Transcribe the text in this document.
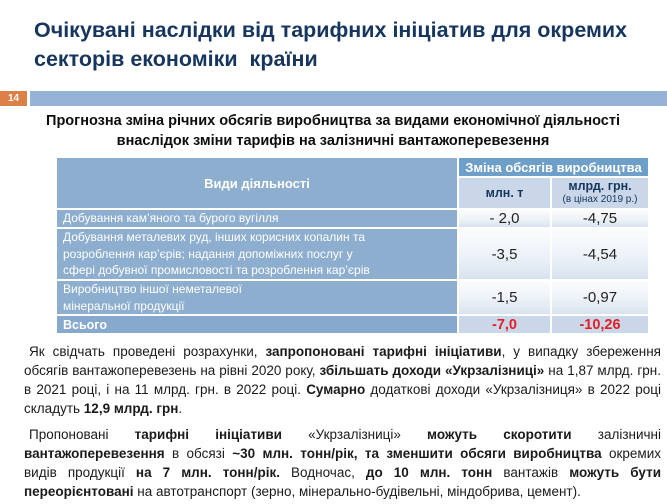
Очікувані наслідки від тарифних ініціатив для окремих
секторів економіки  країни
14
Прогнозна зміна річних обсягів виробництва за видами економічної діяльності
внаслідок зміни тарифів на залізничні вантажоперевезення
Види діяльності
Зміна обсягів виробництва
млн. т	млрд. грн.
(в цінах 2019 р.)
Добування кам’яного та бурого вугілля	- 2,0	-4,75
Добування металевих руд, інших корисних копалин та
розроблення кар’єрів; надання допоміжних послуг у
сфері добувної промисловості та розроблення кар’єрів
-3,5	-4,54
Виробництво іншої неметалевої
мінеральної продукції	-1,5	-0,97
Всього	-7,0	-10,26

Як свідчать проведені розрахунки, запропоновані тарифні ініціативи, у випадку збереження обсягів вантажоперевезень на рівні 2020 року, збільшать доходи «Укрзалізниці» на 1,87 млрд. грн. в 2021 році, і на 11 млрд. грн. в 2022 році. Сумарно додаткові доходи «Укрзалізниця» в 2022 році складуть 12,9 млрд. грн.

Пропоновані тарифні ініціативи «Укрзалізниці» можуть скоротити залізничні вантажоперевезення в обсязі ~30 млн. тонн/рік, та зменшити обсяги виробництва окремих видів продукції на 7 млн. тонн/рік. Водночас, до 10 млн. тонн вантажів можуть бути переорієнтовані на автотранспорт (зерно, мінерально-будівельні, міндобрива, цемент).
